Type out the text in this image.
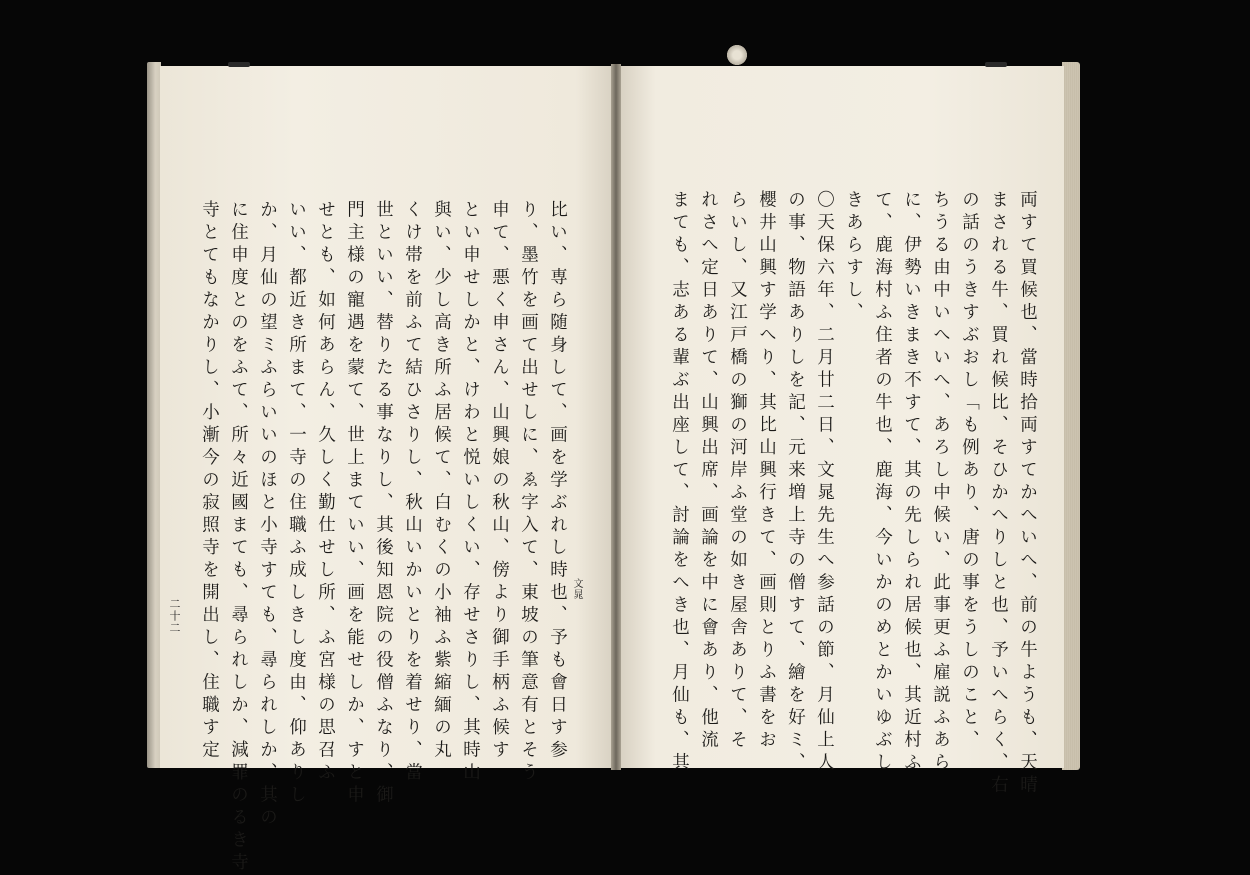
両すて買候也、當時拾両すてかへいへ、前の牛ようも、天晴
まされる牛、買れ候比、そひかへりしと也、予いへらく、右
の話のうきすぶおし「も例あり、唐の事をうしのこと、
ちうる由中いへいへ、あろし中候い、此事更ふ雇説ふあら
に、伊勢いきまき不すて、其の先しられ居候也、其近村ふ
て、鹿海村ふ住者の牛也、鹿海、今いかのめとかいゆぶし
きあらすし、
〇天保六年、二月廿二日、文晁先生へ参話の節、月仙上人
の事、物語ありしを記、元来増上寺の僧すて、繪を好ミ、
櫻井山興す学へり、其比山興行きて、画則とりふ書をお
らいし、又江戸橋の獅の河岸ふ堂の如き屋舎ありて、そ
れさへ定日ありて、山興出席、画論を中に會あり、他流
まても、志ある輩ぶ出座して、討論をへき也、月仙も、其
比い、専ら随身して、画を学ぶれし時也、予も會日す参
り、墨竹を画て出せしに、ゑ字入て、東坡の筆意有とそう
申て、悪く申さん、山興娘の秋山、傍より御手柄ふ候す
とい申せしかと、けわと悦いしくい、存せさりし、其時山
與い、少し高き所ふ居候て、白むくの小袖ふ紫縮緬の丸
くけ帯を前ふて結ひさりし、秋山いかいとりを着せり、當
世といい、替りたる事なりし、其後知恩院の役僧ふなり、御
門主様の寵遇を蒙て、世上まていい、画を能せしか、すと申
せとも、如何あらん、久しく勤仕せし所、ふ宮様の思召ふ
いい、都近き所まて、一寺の住職ふ成しきし度由、仰ありし
か、月仙の望ミふらいいのほと小寺すても、尋られしか、其の
に住申度とのをふて、所々近國まても、尋られしか、減罪のるき寺
寺とてもなかりし、小漸今の寂照寺を開出し、住職す定	文晁
二十二
